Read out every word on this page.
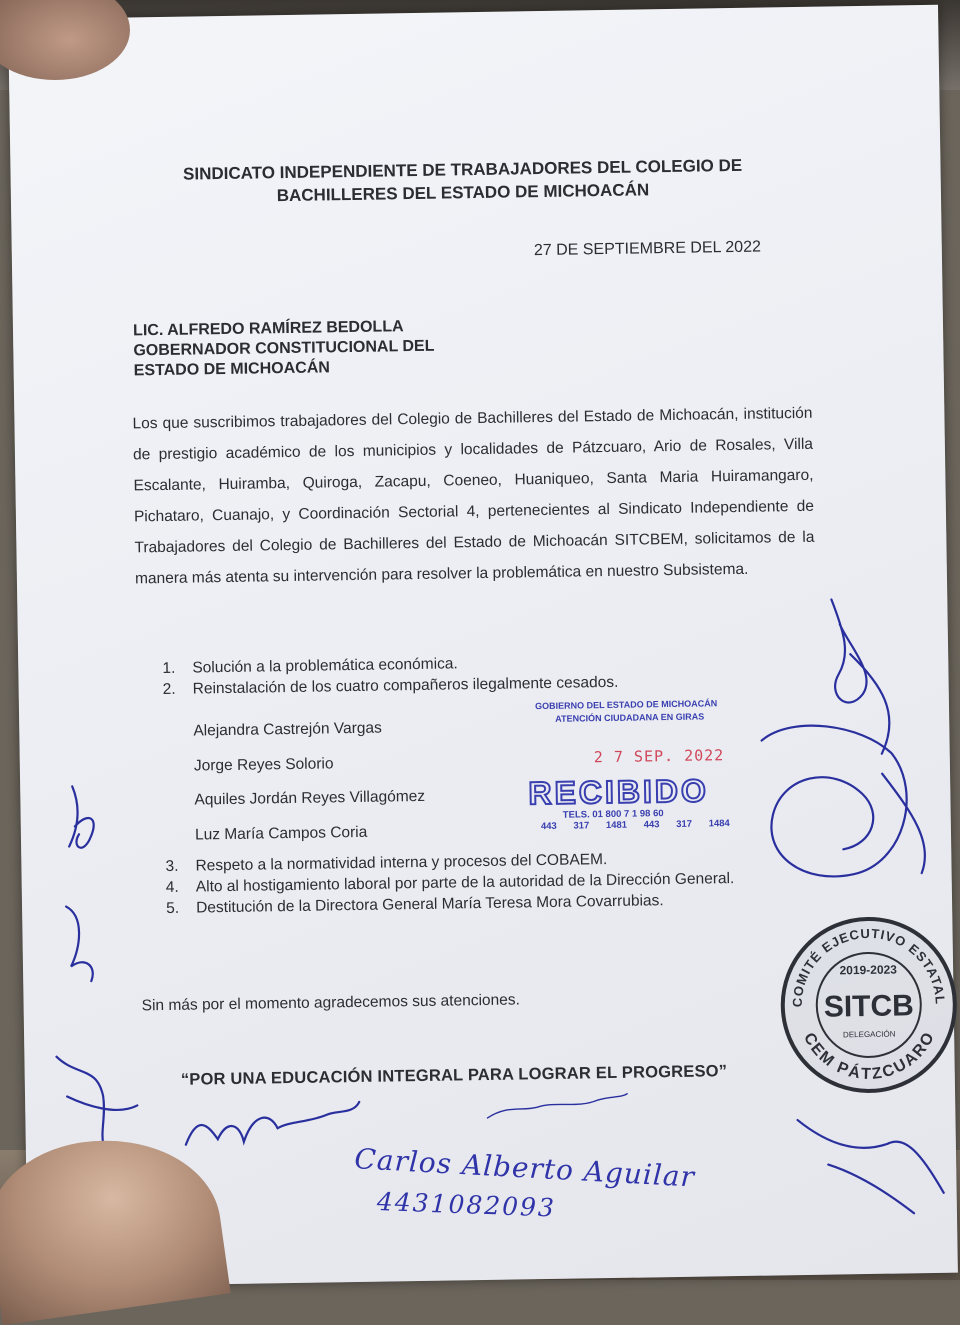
SINDICATO INDEPENDIENTE DE TRABAJADORES DEL COLEGIO DE
BACHILLERES DEL ESTADO DE MICHOACÁN
27 DE SEPTIEMBRE DEL 2022
LIC. ALFREDO RAMÍREZ BEDOLLA
GOBERNADOR CONSTITUCIONAL DEL
ESTADO DE MICHOACÁN
Los que suscribimos trabajadores del Colegio de Bachilleres del Estado de Michoacán, institución de prestigio académico de los municipios y localidades de Pátzcuaro, Ario de Rosales, Villa Escalante, Huiramba, Quiroga, Zacapu, Coeneo, Huaniqueo, Santa Maria Huiramangaro, Pichataro, Cuanajo, y Coordinación Sectorial 4, pertenecientes al Sindicato Independiente de Trabajadores del Colegio de Bachilleres del Estado de Michoacán SITCBEM, solicitamos de la manera más atenta su intervención para resolver la problemática en nuestro Subsistema.
1.	Solución a la problemática económica.
2.	Reinstalación de los cuatro compañeros ilegalmente cesados.
Alejandra Castrejón Vargas
Jorge Reyes Solorio
Aquiles Jordán Reyes Villagómez
Luz María Campos Coria
3.	Respeto a la normatividad interna y procesos del COBAEM.
4.	Alto al hostigamiento laboral por parte de la autoridad de la Dirección General.
5.	Destitución de la Directora General María Teresa Mora Covarrubias.
Sin más por el momento agradecemos sus atenciones.
“POR UNA EDUCACIÓN INTEGRAL PARA LOGRAR EL PROGRESO”
GOBIERNO DEL ESTADO DE MICHOACÁN
ATENCIÓN CIUDADANA EN GIRAS
2 7 SEP. 2022
RECIBIDO
TELS. 01 800 7 1 98 60
443 317 1481 443 317 1484
COMITÉ EJECUTIVO ESTATAL
CEM PÁTZCUARO
2019-2023
SITCB
DELEGACIÓN
Carlos Alberto Aguilar
4431082093
